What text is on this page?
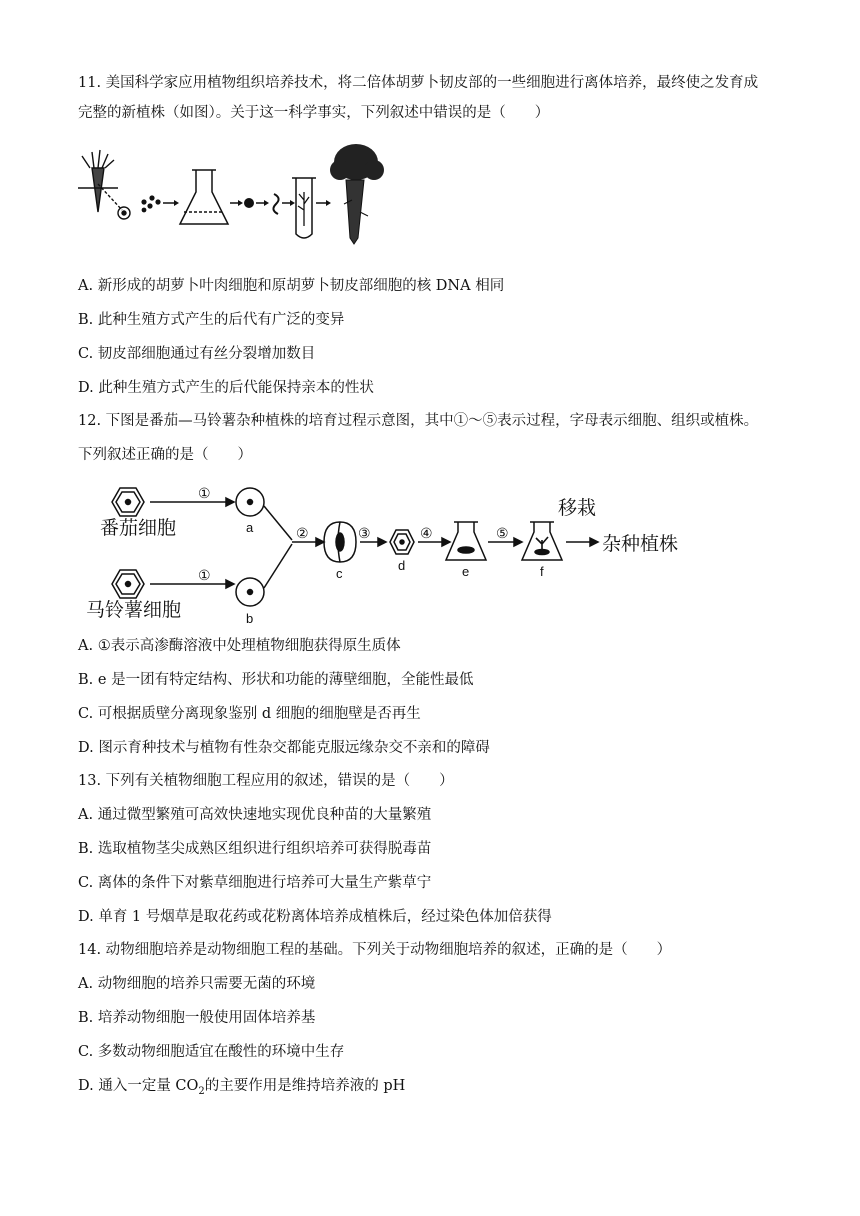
11. 美国科学家应用植物组织培养技术，将二倍体胡萝卜韧皮部的一些细胞进行离体培养，最终使之发育成
完整的新植株（如图）。关于这一科学事实，下列叙述中错误的是（　　）
A. 新形成的胡萝卜叶肉细胞和原胡萝卜韧皮部细胞的核 DNA 相同
B. 此种生殖方式产生的后代有广泛的变异
C. 韧皮部细胞通过有丝分裂增加数目
D. 此种生殖方式产生的后代能保持亲本的性状
12. 下图是番茄—马铃薯杂种植株的培育过程示意图，其中①～⑤表示过程，字母表示细胞、组织或植株。
下列叙述正确的是（　　）
①
①
②	③	④	⑤
a
b
c
d	e	f
番茄细胞
马铃薯细胞
移栽
杂种植株
A. ①表示高渗酶溶液中处理植物细胞获得原生质体
B. e 是一团有特定结构、形状和功能的薄壁细胞，全能性最低
C. 可根据质壁分离现象鉴别 d 细胞的细胞壁是否再生
D. 图示育种技术与植物有性杂交都能克服远缘杂交不亲和的障碍
13. 下列有关植物细胞工程应用的叙述，错误的是（　　）
A. 通过微型繁殖可高效快速地实现优良种苗的大量繁殖
B. 选取植物茎尖成熟区组织进行组织培养可获得脱毒苗
C. 离体的条件下对紫草细胞进行培养可大量生产紫草宁
D. 单育 1 号烟草是取花药或花粉离体培养成植株后，经过染色体加倍获得
14. 动物细胞培养是动物细胞工程的基础。下列关于动物细胞培养的叙述，正确的是（　　）
A. 动物细胞的培养只需要无菌的环境
B. 培养动物细胞一般使用固体培养基
C. 多数动物细胞适宜在酸性的环境中生存
D. 通入一定量 $CO_2$的主要作用是维持培养液的 pH
